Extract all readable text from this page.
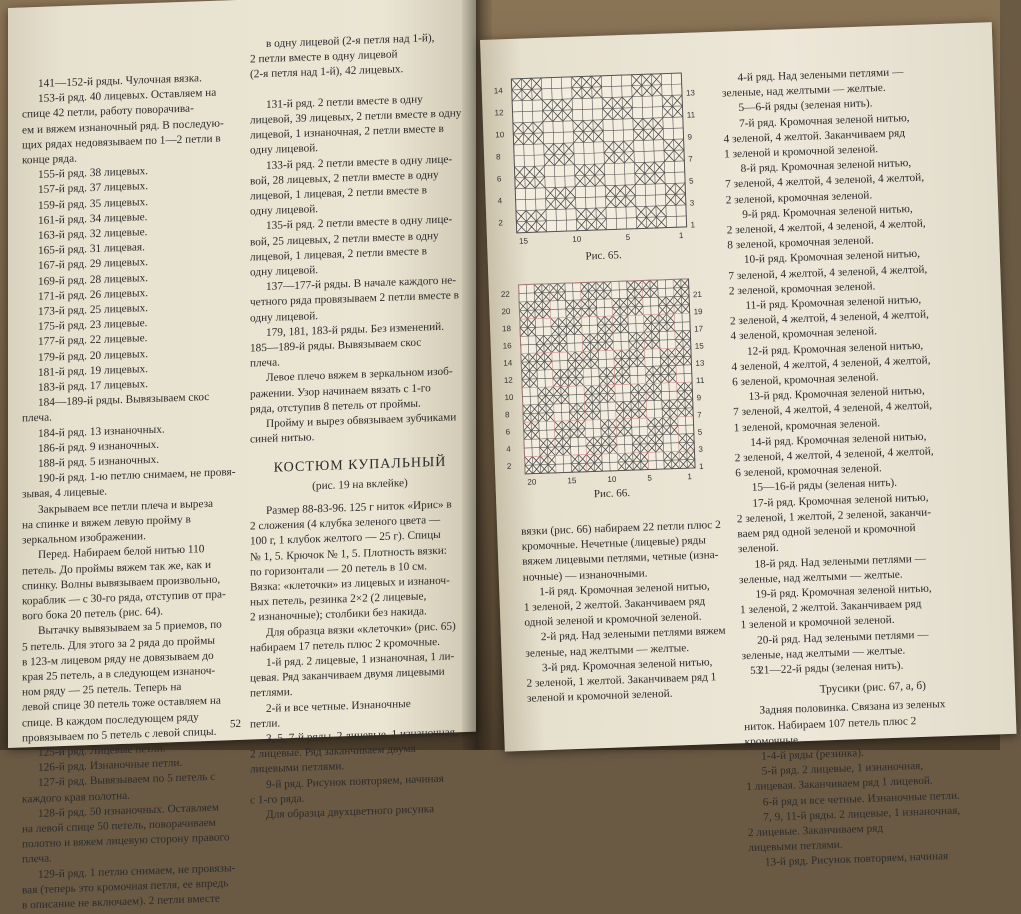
141—152-й ряды. Чулочная вязка.

153-й ряд. 40 лицевых. Оставляем на

спице 42 петли, работу поворачива-

ем и вяжем изнаночный ряд. В последую-

щих рядах недовязываем по 1—2 петли в

конце ряда.

155-й ряд. 38 лицевых.

157-й ряд. 37 лицевых.

159-й ряд. 35 лицевых.

161-й ряд. 34 лицевые.

163-й ряд. 32 лицевые.

165-й ряд. 31 лицевая.

167-й ряд. 29 лицевых.

169-й ряд. 28 лицевых.

171-й ряд. 26 лицевых.

173-й ряд. 25 лицевых.

175-й ряд. 23 лицевые.

177-й ряд. 22 лицевые.

179-й ряд. 20 лицевых.

181-й ряд. 19 лицевых.

183-й ряд. 17 лицевых.

184—189-й ряды. Вывязываем скос

плеча.

184-й ряд. 13 изнаночных.

186-й ряд. 9 изнаночных.

188-й ряд. 5 изнаночных.

190-й ряд. 1-ю петлю снимаем, не провя-

зывая, 4 лицевые.

Закрываем все петли плеча и выреза

на спинке и вяжем левую пройму в

зеркальном изображении.

Перед. Набираем белой нитью 110

петель. До проймы вяжем так же, как и

спинку. Волны вывязываем произвольно,

кораблик — с 30-го ряда, отступив от пра-

вого бока 20 петель (рис. 64).

Вытачку вывязываем за 5 приемов, по

5 петель. Для этого за 2 ряда до проймы

в 123-м лицевом ряду не довязываем до

края 25 петель, а в следующем изнаноч-

ном ряду — 25 петель. Теперь на

левой спице 30 петель тоже оставляем на

спице. В каждом последующем ряду

провязываем по 5 петель с левой спицы.

125-й ряд. Лицевые петли.

126-й ряд. Изнаночные петли.

127-й ряд. Вывязываем по 5 петель с

каждого края полотна.

128-й ряд. 50 изнаночных. Оставляем

на левой спице 50 петель, поворачиваем

полотно и вяжем лицевую сторону правого

плеча.

129-й ряд. 1 петлю снимаем, не провязы-

вая (теперь это кромочная петля, ее впредь

в описание не включаем). 2 петли вместе

в одну лицевой (2-я петля над 1-й),

2 петли вместе в одну лицевой

(2-я петля над 1-й), 42 лицевых.

131-й ряд. 2 петли вместе в одну

лицевой, 39 лицевых, 2 петли вместе в одну

лицевой, 1 изнаночная, 2 петли вместе в

одну лицевой.

133-й ряд. 2 петли вместе в одну лице-

вой, 28 лицевых, 2 петли вместе в одну

лицевой, 1 лицевая, 2 петли вместе в

одну лицевой.

135-й ряд. 2 петли вместе в одну лице-

вой, 25 лицевых, 2 петли вместе в одну

лицевой, 1 лицевая, 2 петли вместе в

одну лицевой.

137—177-й ряды. В начале каждого не-

четного ряда провязываем 2 петли вместе в

одну лицевой.

179, 181, 183-й ряды. Без изменений.

185—189-й ряды. Вывязываем скос

плеча.

Левое плечо вяжем в зеркальном изоб-

ражении. Узор начинаем вязать с 1-го

ряда, отступив 8 петель от проймы.

Пройму и вырез обвязываем зубчиками

синей нитью.

КОСТЮМ КУПАЛЬНЫЙ

(рис. 19 на вклейке)

Размер 88-83-96. 125 г ниток «Ирис» в

2 сложения (4 клубка зеленого цвета —

100 г, 1 клубок желтого — 25 г). Спицы

№ 1, 5. Крючок № 1, 5. Плотность вязки:

по горизонтали — 20 петель в 10 см.

Вязка: «клеточки» из лицевых и изнаноч-

ных петель, резинка 2×2 (2 лицевые,

2 изнаночные); столбики без накида.

Для образца вязки «клеточки» (рис. 65)

набираем 17 петель плюс 2 кромочные.

1-й ряд. 2 лицевые, 1 изнаночная, 1 ли-

цевая. Ряд заканчиваем двумя лицевыми

петлями.

2-й и все четные. Изнаночные

петли.

3, 5, 7-й ряды. 2 лицевые, 1 изнаночная,

2 лицевые. Ряд заканчиваем двумя

лицевыми петлями.

9-й ряд. Рисунок повторяем, начиная

с 1-го ряда.

Для образца двухцветного рисунка

52
14
12
10
8
6
4
2
13
11
9
7
5
3
1
15	10	5	1
Рис. 65.
22
20
18
16
14
12
10
8
6
4
2
21
19
17
15
13
11
9
7
5
3
1
20	15	10	5	1
Рис. 66.

вязки (рис. 66) набираем 22 петли плюс 2

кромочные. Нечетные (лицевые) ряды

вяжем лицевыми петлями, четные (изна-

ночные) — изнаночными.

1-й ряд. Кромочная зеленой нитью,

1 зеленой, 2 желтой. Заканчиваем ряд

одной зеленой и кромочной зеленой.

2-й ряд. Над зелеными петлями вяжем

зеленые, над желтыми — желтые.

3-й ряд. Кромочная зеленой нитью,

2 зеленой, 1 желтой. Заканчиваем ряд 1

зеленой и кромочной зеленой.

4-й ряд. Над зелеными петлями —

зеленые, над желтыми — желтые.

5—6-й ряды (зеленая нить).

7-й ряд. Кромочная зеленой нитью,

4 зеленой, 4 желтой. Заканчиваем ряд

1 зеленой и кромочной зеленой.

8-й ряд. Кромочная зеленой нитью,

7 зеленой, 4 желтой, 4 зеленой, 4 желтой,

2 зеленой, кромочная зеленой.

9-й ряд. Кромочная зеленой нитью,

2 зеленой, 4 желтой, 4 зеленой, 4 желтой,

8 зеленой, кромочная зеленой.

10-й ряд. Кромочная зеленой нитью,

7 зеленой, 4 желтой, 4 зеленой, 4 желтой,

2 зеленой, кромочная зеленой.

11-й ряд. Кромочная зеленой нитью,

2 зеленой, 4 желтой, 4 зеленой, 4 желтой,

4 зеленой, кромочная зеленой.

12-й ряд. Кромочная зеленой нитью,

4 зеленой, 4 желтой, 4 зеленой, 4 желтой,

6 зеленой, кромочная зеленой.

13-й ряд. Кромочная зеленой нитью,

7 зеленой, 4 желтой, 4 зеленой, 4 желтой,

1 зеленой, кромочная зеленой.

14-й ряд. Кромочная зеленой нитью,

2 зеленой, 4 желтой, 4 зеленой, 4 желтой,

6 зеленой, кромочная зеленой.

15—16-й ряды (зеленая нить).

17-й ряд. Кромочная зеленой нитью,

2 зеленой, 1 желтой, 2 зеленой, заканчи-

ваем ряд одной зеленой и кромочной

зеленой.

18-й ряд. Над зелеными петлями —

зеленые, над желтыми — желтые.

19-й ряд. Кромочная зеленой нитью,

1 зеленой, 2 желтой. Заканчиваем ряд

1 зеленой и кромочной зеленой.

20-й ряд. Над зелеными петлями —

зеленые, над желтыми — желтые.

21—22-й ряды (зеленая нить).

Трусики (рис. 67, а, б)

Задняя половинка. Связана из зеленых

ниток. Набираем 107 петель плюс 2

кромочные.

1-4-й ряды (резинка).

5-й ряд. 2 лицевые, 1 изнаночная,

1 лицевая. Заканчиваем ряд 1 лицевой.

6-й ряд и все четные. Изнаночные петли.

7, 9, 11-й ряды. 2 лицевые, 1 изнаночная,

2 лицевые. Заканчиваем ряд

лицевыми петлями.

13-й ряд. Рисунок повторяем, начиная

53
